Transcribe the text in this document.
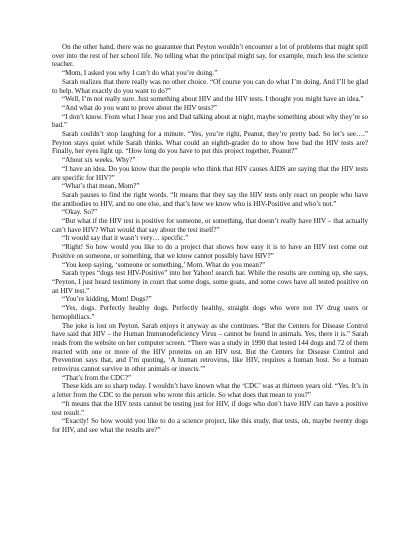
On the other hand, there was no guarantee that Peyton wouldn’t encounter a lot of problems that might spill over into the rest of her school life. No telling what the principal might say, for example, much less the science teacher.

“Mom, I asked you why I can’t do what you’re doing.”

Sarah realizes that there really was no other choice. “Of course you can do what I’m doing. And I’ll be glad to help. What exactly do you want to do?”

“Well, I’m not really sure. Just something about HIV and the HIV tests. I thought you might have an idea.”

“And what do you want to prove about the HIV tests?”

“I don’t know. From what I hear you and Dad talking about at night, maybe something about why they’re so bad.”

Sarah couldn’t stop laughing for a minute. “Yes, you’re right, Peanut, they’re pretty bad. So let’s see….” Peyton stays quiet while Sarah thinks. What could an eighth-grader do to show how bad the HIV tests are? Finally, her eyes light up. “How long do you have to put this project together, Peanut?”

“About six weeks. Why?”

“I have an idea. Do you know that the people who think that HIV causes AIDS are saying that the HIV tests are specific for HIV?”

“What’s that mean, Mom?”

Sarah pauses to find the right words. “It means that they say the HIV tests only react on people who have the antibodies to HIV, and no one else, and that’s how we know who is HIV-Positive and who’s not.”

“Okay. So?”

“But what if the HIV test is positive for someone, or something, that doesn’t really have HIV – that actually can’t have HIV? What would that say about the test itself?”

“It would say that it wasn’t very… specific.”

“Right! So how would you like to do a project that shows how easy it is to have an HIV test come out Positive on someone, or something, that we know cannot possibly have HIV?”

“You keep saying, ‘someone or something,’ Mom. What do you mean?”

Sarah types “dogs test HIV-Positive” into her Yahoo! search bar. While the results are coming up, she says, “Peyton, I just heard testimony in court that some dogs, some goats, and some cows have all tested positive on an HIV test.”

“You’re kidding, Mom! Dogs?”

“Yes, dogs. Perfectly healthy dogs. Perfectly healthy, straight dogs who were not IV drug users or hemophiliacs.”

The joke is lost on Peyton. Sarah enjoys it anyway as she continues. “But the Centers for Disease Control have said that HIV – the Human Immunodeficiency Virus – cannot be found in animals. Yes, there it is.” Sarah reads from the website on her computer screen. “There was a study in 1990 that tested 144 dogs and 72 of them reacted with one or more of the HIV proteins on an HIV test. But the Centers for Disease Control and Prevention says that, and I’m quoting, ‘A human retrovirus, like HIV, requires a human host. So a human retrovirus cannot survive in other animals or insects.’”

“That’s from the CDC?”

These kids are so sharp today. I wouldn’t have known what the ‘CDC’ was at thirteen years old. “Yes. It’s in a letter from the CDC to the person who wrote this article. So what does that mean to you?”

“It means that the HIV tests cannot be testing just for HIV, if dogs who don’t have HIV can have a positive test result.”

“Exactly! So how would you like to do a science project, like this study, that tests, oh, maybe twenty dogs for HIV, and see what the results are?”
